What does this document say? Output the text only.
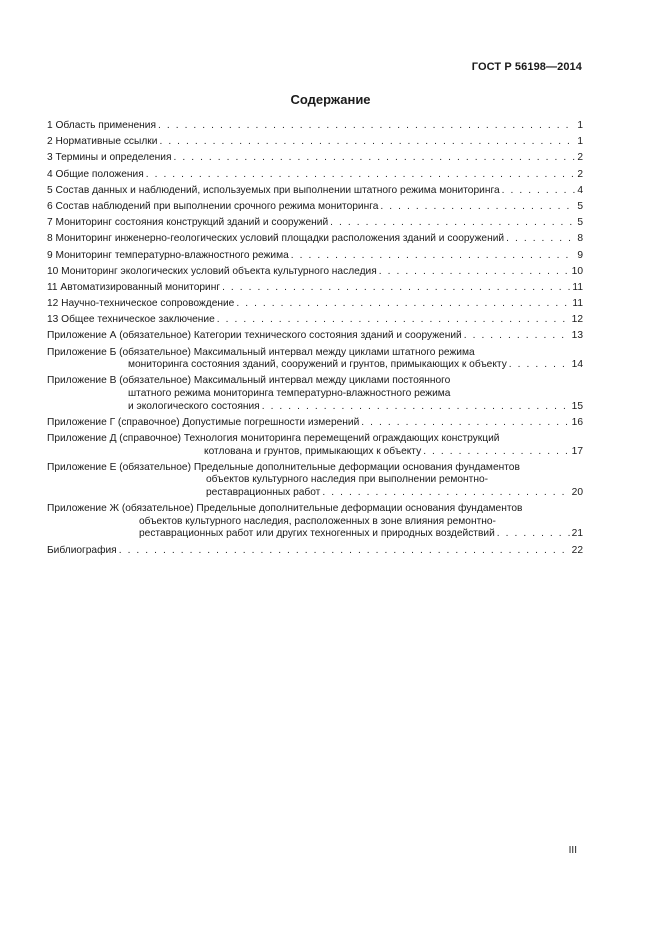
ГОСТ Р 56198—2014
Содержание
1 Область применения . . .	1
2 Нормативные ссылки . . .	1
3 Термины и определения . . .	2
4 Общие положения . . .	2
5 Состав данных и наблюдений, используемых при выполнении штатного режима мониторинга . . .	4
6 Состав наблюдений при выполнении срочного режима мониторинга . . .	5
7 Мониторинг состояния конструкций зданий и сооружений . . .	5
8 Мониторинг инженерно-геологических условий площадки расположения зданий и сооружений . . .	8
9 Мониторинг температурно-влажностного режима . . .	9
10 Мониторинг экологических условий объекта культурного наследия . . .	10
11 Автоматизированный мониторинг . . .	11
12 Научно-техническое сопровождение . . .	11
13 Общее техническое заключение . . .	12
Приложение А (обязательное) Категории технического состояния зданий и сооружений . . .	13
Приложение Б (обязательное) Максимальный интервал между циклами штатного режима
мониторинга состояния зданий, сооружений и грунтов, примыкающих к объекту . . .	14
Приложение В (обязательное) Максимальный интервал между циклами постоянного
штатного режима мониторинга температурно-влажностного режима
и экологического состояния . . .	15
Приложение Г (справочное) Допустимые погрешности измерений . . .	16
Приложение Д (справочное) Технология мониторинга перемещений ограждающих конструкций
котлована и грунтов, примыкающих к объекту . . .	17
Приложение Е (обязательное) Предельные дополнительные деформации основания фундаментов
объектов культурного наследия при выполнении ремонтно-
реставрационных работ . . .	20
Приложение Ж (обязательное) Предельные дополнительные деформации основания фундаментов
объектов культурного наследия, расположенных в зоне влияния ремонтно-
реставрационных работ или других техногенных и природных воздействий . . .	21
Библиография . . .	22
III
